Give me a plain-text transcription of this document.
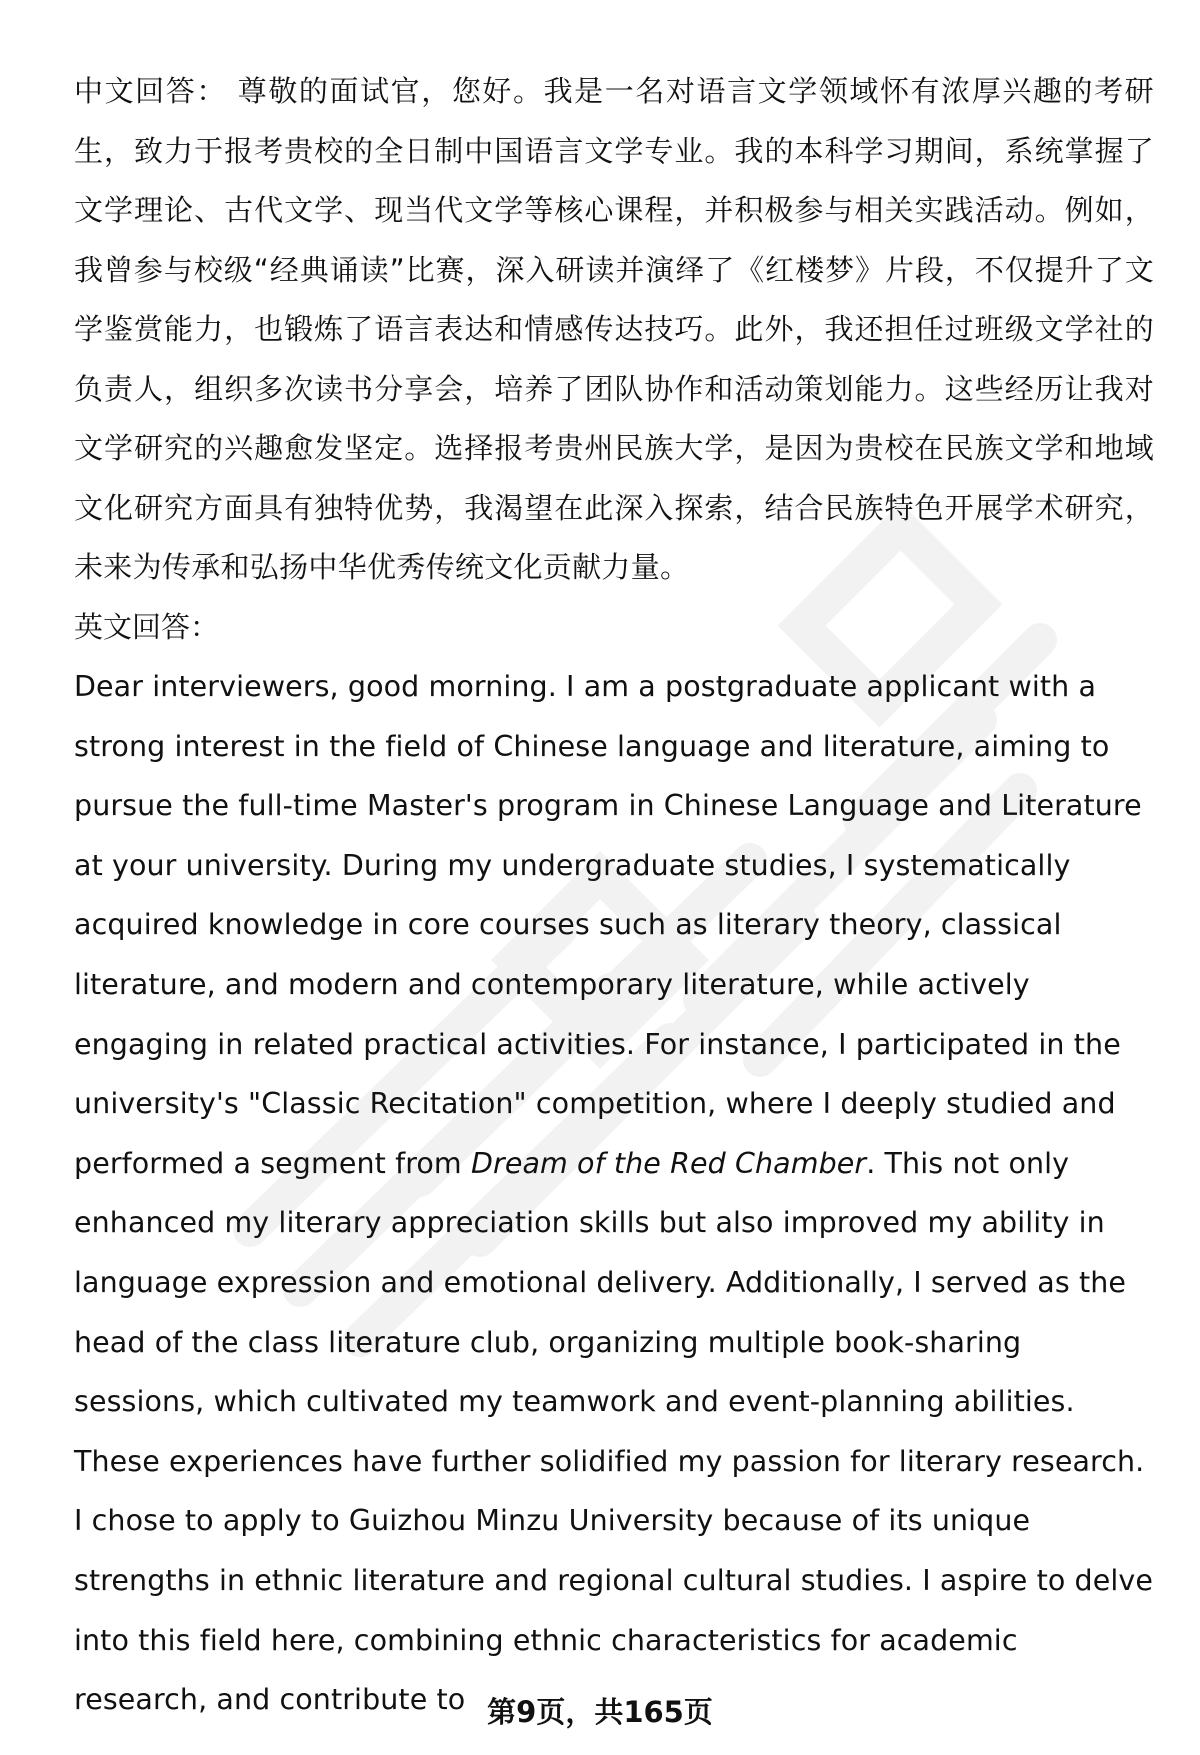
中文回答： 尊敬的面试官，您好。我是一名对语言文学领域怀有浓厚兴趣的考研生，致力于报考贵校的全日制中国语言文学专业。我的本科学习期间，系统掌握了文学理论、古代文学、现当代文学等核心课程，并积极参与相关实践活动。例如，我曾参与校级“经典诵读”比赛，深入研读并演绎了《红楼梦》片段，不仅提升了文学鉴赏能力，也锻炼了语言表达和情感传达技巧。此外，我还担任过班级文学社的负责人，组织多次读书分享会，培养了团队协作和活动策划能力。这些经历让我对文学研究的兴趣愈发坚定。选择报考贵州民族大学，是因为贵校在民族文学和地域文化研究方面具有独特优势，我渴望在此深入探索，结合民族特色开展学术研究，未来为传承和弘扬中华优秀传统文化贡献力量。

英文回答：

Dear interviewers, good morning. I am a postgraduate applicant with a strong interest in the field of Chinese language and literature, aiming to pursue the full-time Master's program in Chinese Language and Literature at your university. During my undergraduate studies, I systematically acquired knowledge in core courses such as literary theory, classical literature, and modern and contemporary literature, while actively engaging in related practical activities. For instance, I participated in the university's "Classic Recitation" competition, where I deeply studied and performed a segment from Dream of the Red Chamber. This not only enhanced my literary appreciation skills but also improved my ability in language expression and emotional delivery. Additionally, I served as the head of the class literature club, organizing multiple book-sharing sessions, which cultivated my teamwork and event-planning abilities. These experiences have further solidified my passion for literary research. I chose to apply to Guizhou Minzu University because of its unique strengths in ethnic literature and regional cultural studies. I aspire to delve into this field here, combining ethnic characteristics for academic research, and contribute to 第9页，共165页
